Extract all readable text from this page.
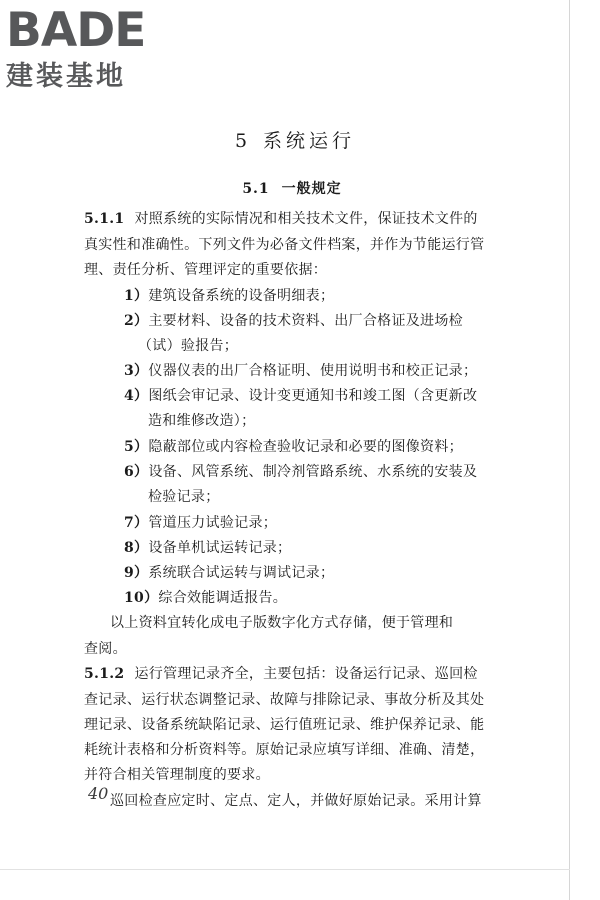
BADE
建装基地
5 系统运行
5.1 一般规定
5.1.1 对照系统的实际情况和相关技术文件，保证技术文件的
真实性和准确性。下列文件为必备文件档案，并作为节能运行管
理、责任分析、管理评定的重要依据：
1）建筑设备系统的设备明细表；
2）主要材料、设备的技术资料、出厂合格证及进场检
（试）验报告；
3）仪器仪表的出厂合格证明、使用说明书和校正记录；
4）图纸会审记录、设计变更通知书和竣工图（含更新改
造和维修改造）；
5）隐蔽部位或内容检查验收记录和必要的图像资料；
6）设备、风管系统、制冷剂管路系统、水系统的安装及
检验记录；
7）管道压力试验记录；
8）设备单机试运转记录；
9）系统联合试运转与调试记录；
10）综合效能调适报告。
以上资料宜转化成电子版数字化方式存储，便于管理和
查阅。
5.1.2 运行管理记录齐全，主要包括：设备运行记录、巡回检
查记录、运行状态调整记录、故障与排除记录、事故分析及其处
理记录、设备系统缺陷记录、运行值班记录、维护保养记录、能
耗统计表格和分析资料等。原始记录应填写详细、准确、清楚，
并符合相关管理制度的要求。
巡回检查应定时、定点、定人，并做好原始记录。采用计算
40
